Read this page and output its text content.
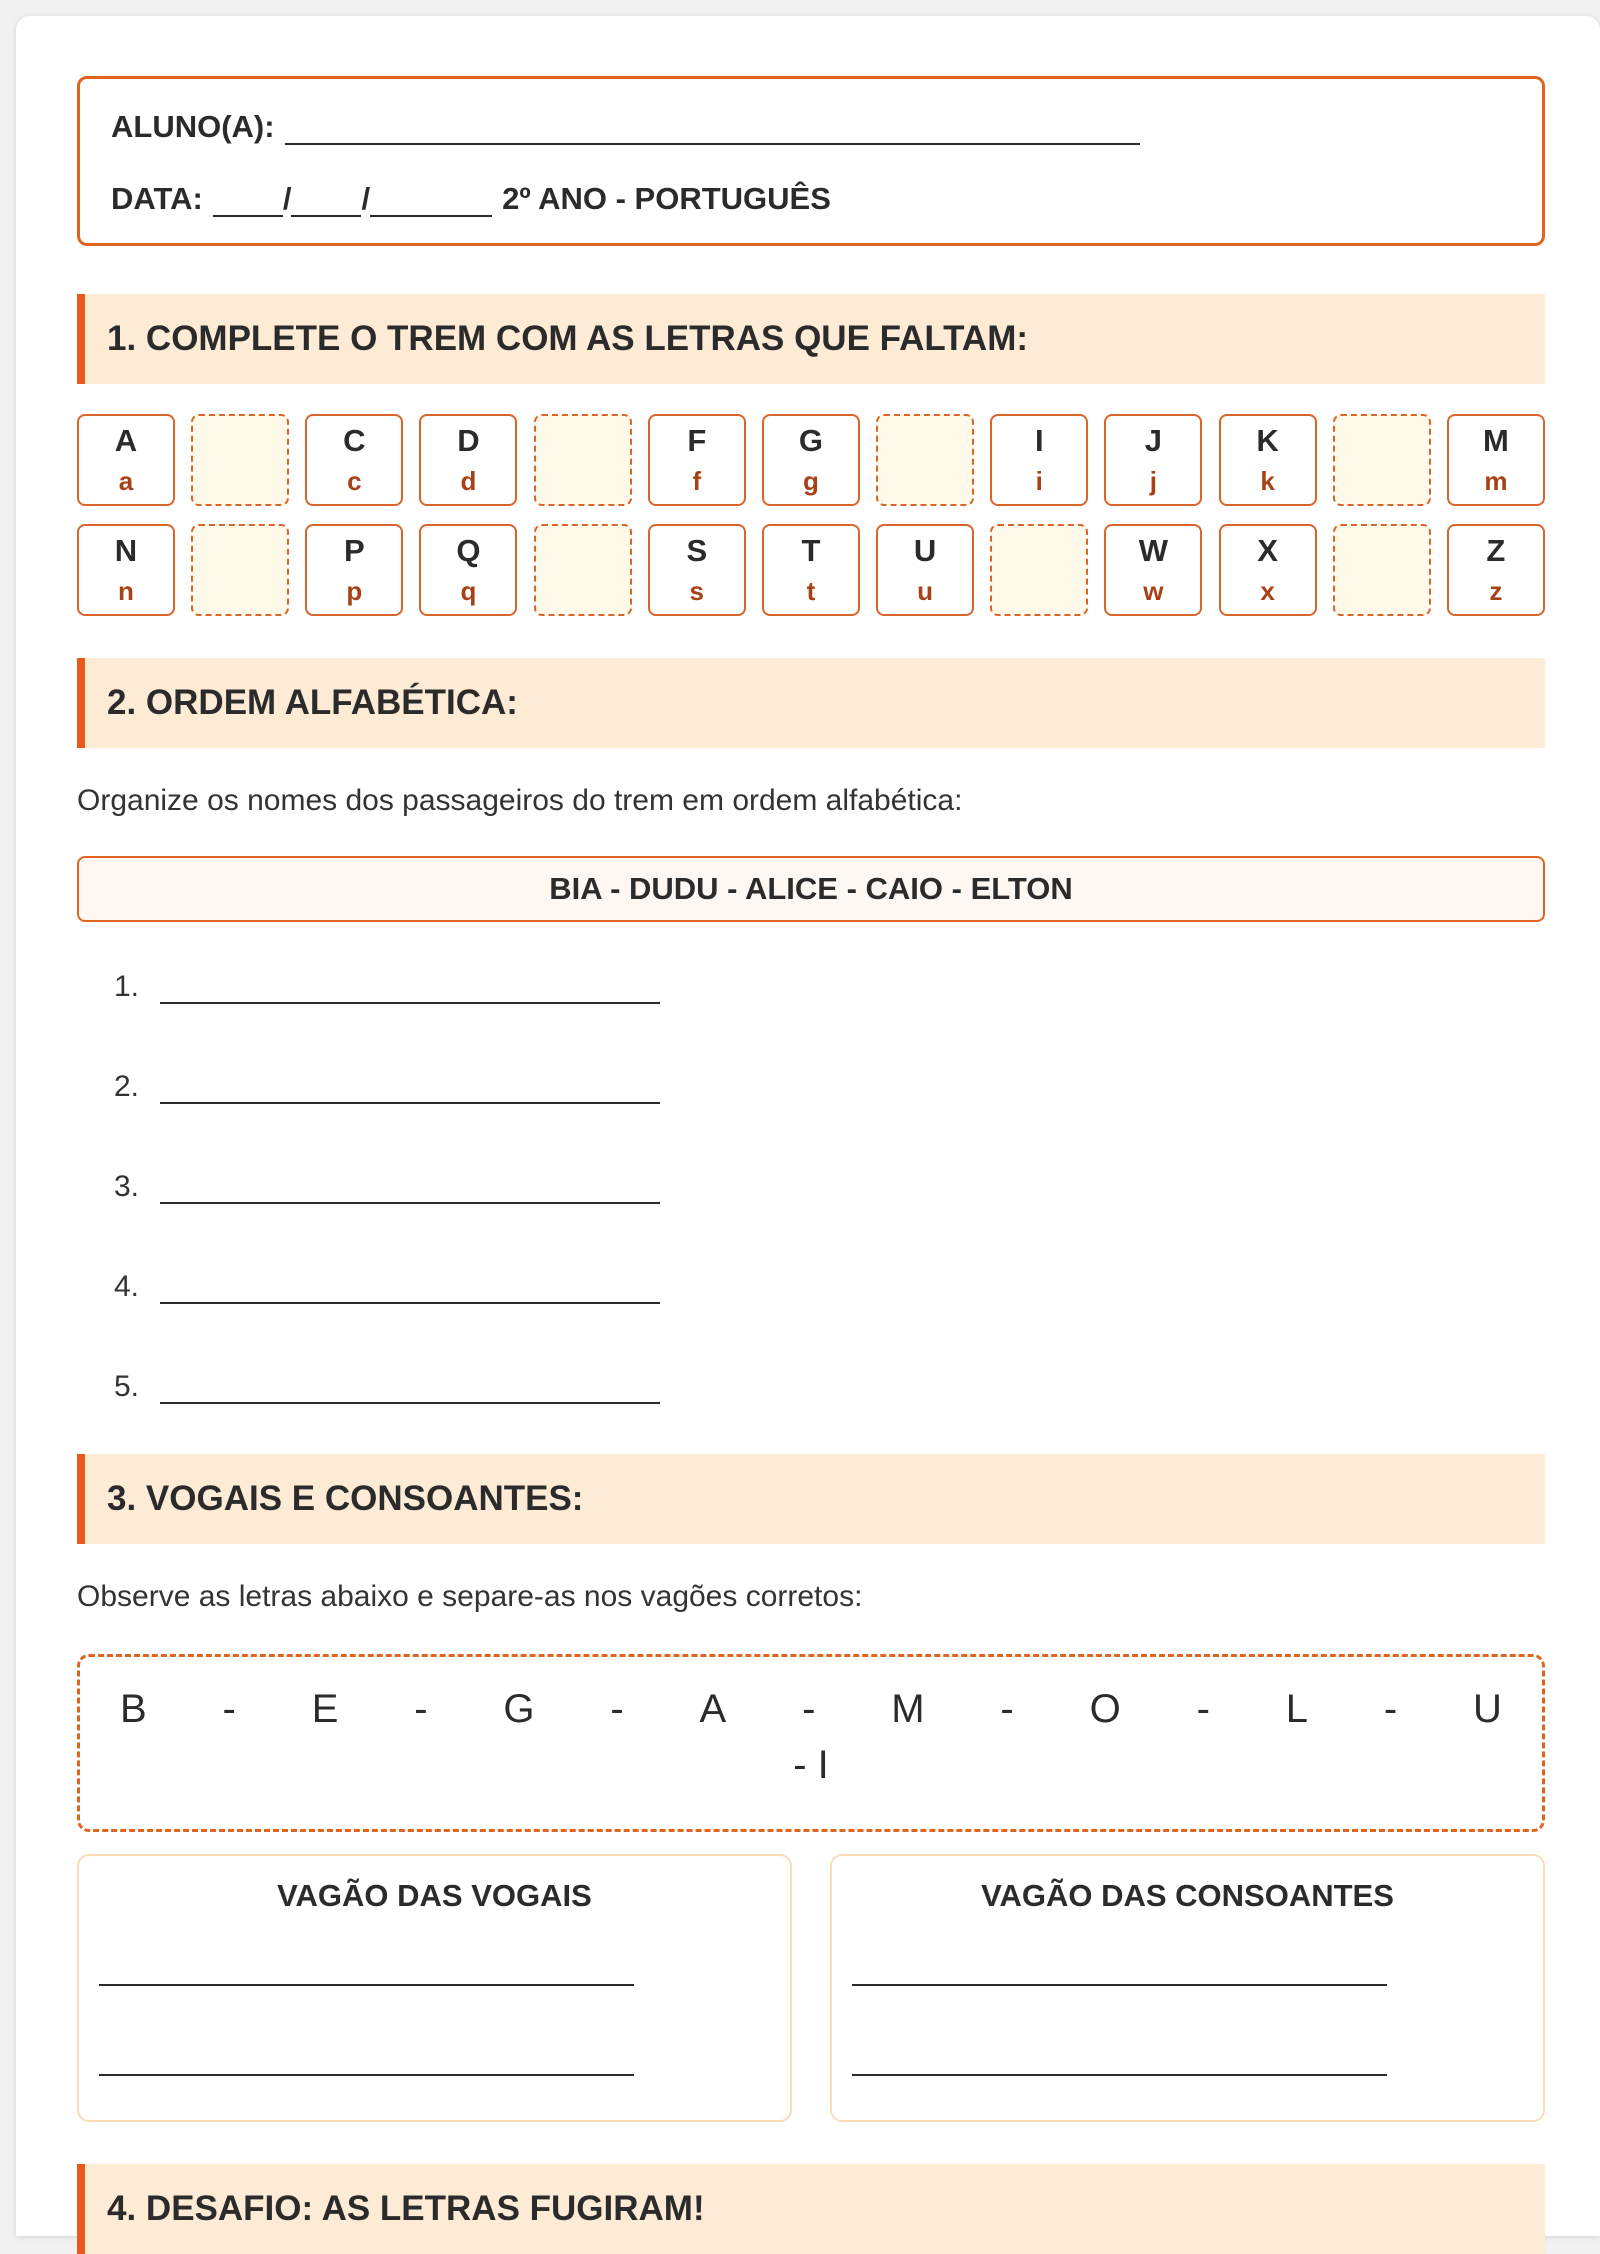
ALUNO(A):
DATA:	/ /	2º ANO - PORTUGUÊS
1. COMPLETE O TREM COM AS LETRAS QUE FALTAM:
A
a
C
c
D
d
F
f
G
g
I
i
J
j
K
k
M
m
N
n
P
p
Q
q
S
s
T
t
U
u
W
w
X
x
Z
z
2. ORDEM ALFABÉTICA:
Organize os nomes dos passageiros do trem em ordem alfabética:
BIA - DUDU - ALICE - CAIO - ELTON
1.
2.
3.
4.
5.
3. VOGAIS E CONSOANTES:
Observe as letras abaixo e separe-as nos vagões corretos:
B - E - G - A - M - O - L - U
- I
VAGÃO DAS VOGAIS	VAGÃO DAS CONSOANTES
4. DESAFIO: AS LETRAS FUGIRAM!
